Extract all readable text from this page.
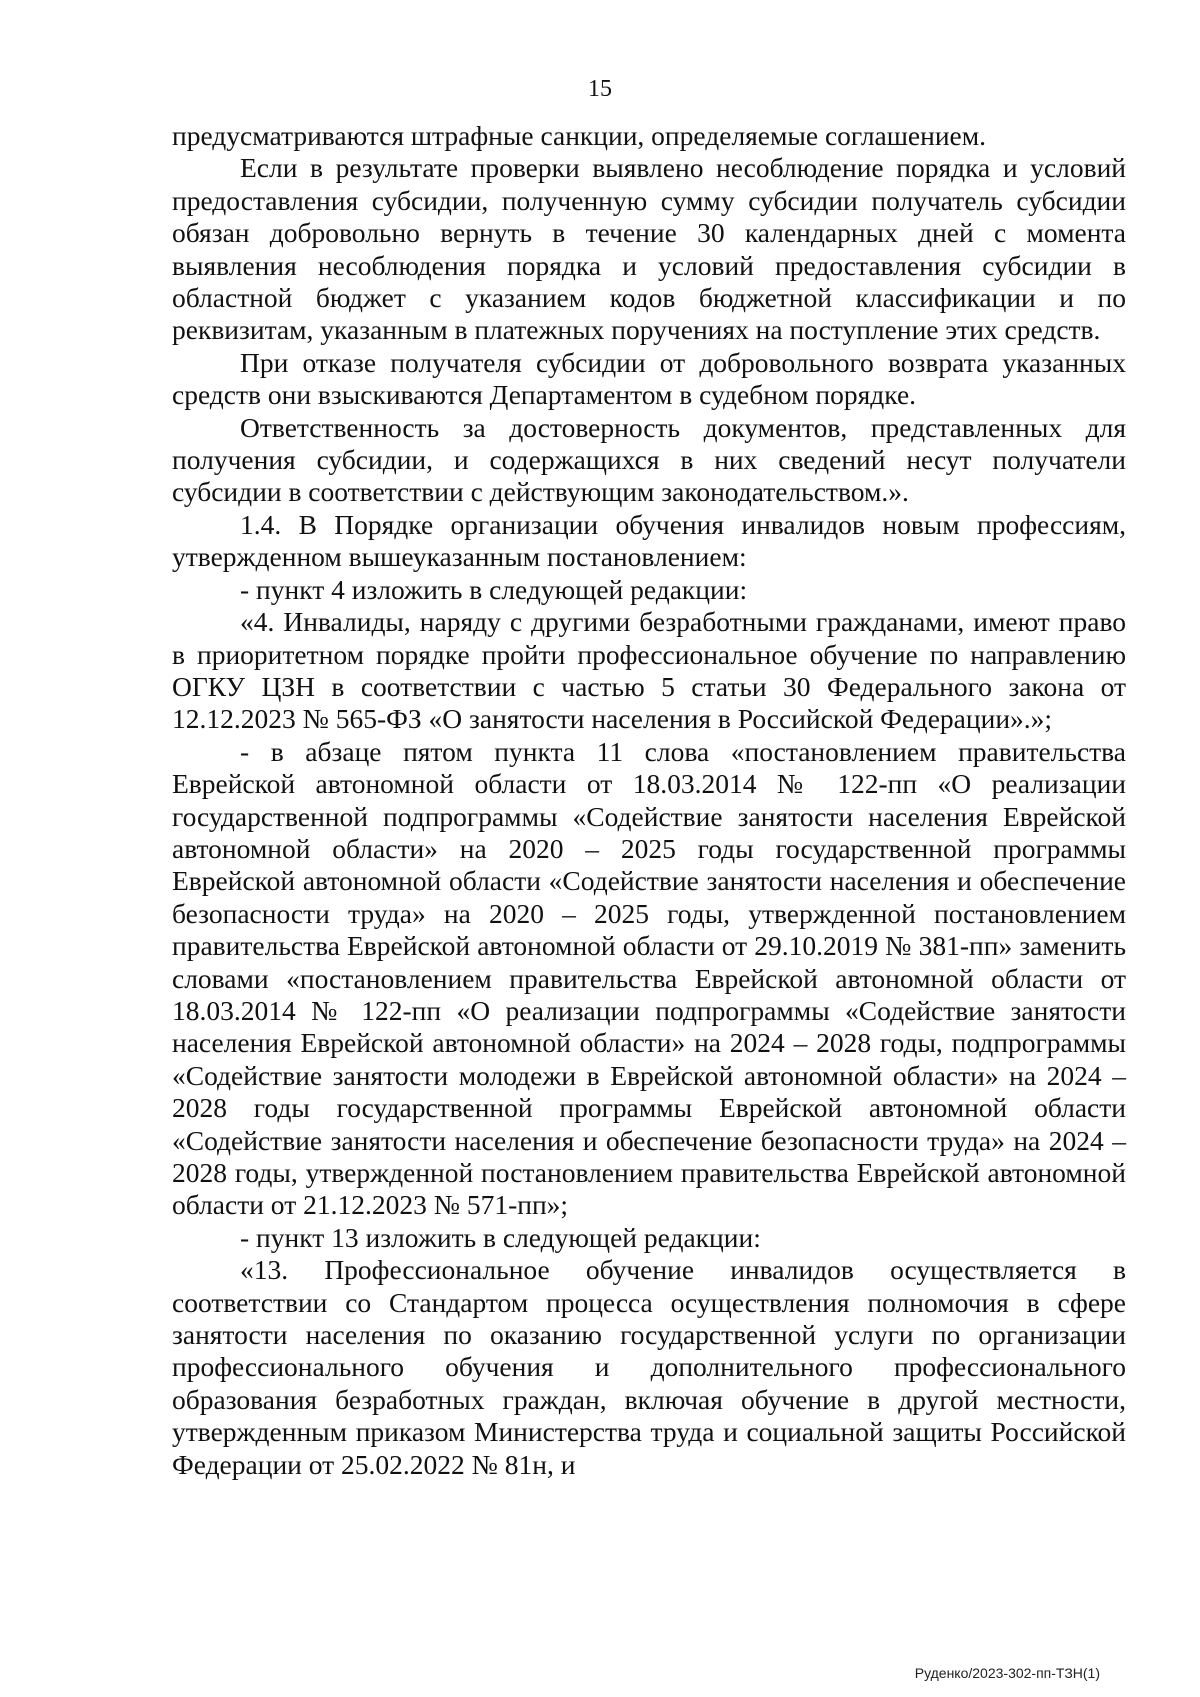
15

предусматриваются штрафные санкции, определяемые соглашением.

Если в результате проверки выявлено несоблюдение порядка и условий предоставления субсидии, полученную сумму субсидии получатель субсидии обязан добровольно вернуть в течение 30 календарных дней с момента выявления несоблюдения порядка и условий предоставления субсидии в областной бюджет с указанием кодов бюджетной классификации и по реквизитам, указанным в платежных поручениях на поступление этих средств.

При отказе получателя субсидии от добровольного возврата указанных средств они взыскиваются Департаментом в судебном порядке.

Ответственность за достоверность документов, представленных для получения субсидии, и содержащихся в них сведений несут получатели субсидии в соответствии с действующим законодательством.».

1.4. В Порядке организации обучения инвалидов новым профессиям, утвержденном вышеуказанным постановлением:

- пункт 4 изложить в следующей редакции:

«4. Инвалиды, наряду с другими безработными гражданами, имеют право в приоритетном порядке пройти профессиональное обучение по направлению ОГКУ ЦЗН в соответствии с частью 5 статьи 30 Федерального закона от 12.12.2023 № 565-ФЗ «О занятости населения в Российской Федерации».»;

- в абзаце пятом пункта 11 слова «постановлением правительства Еврейской автономной области от 18.03.2014 № 122-пп «О реализации государственной подпрограммы «Содействие занятости населения Еврейской автономной области» на 2020 – 2025 годы государственной программы Еврейской автономной области «Содействие занятости населения и обеспечение безопасности труда» на 2020 – 2025 годы, утвержденной постановлением правительства Еврейской автономной области от 29.10.2019 № 381-пп» заменить словами «постановлением правительства Еврейской автономной области от 18.03.2014 № 122-пп «О реализации подпрограммы «Содействие занятости населения Еврейской автономной области» на 2024 – 2028 годы, подпрограммы «Содействие занятости молодежи в Еврейской автономной области» на 2024 – 2028 годы государственной программы Еврейской автономной области «Содействие занятости населения и обеспечение безопасности труда» на 2024 – 2028 годы, утвержденной постановлением правительства Еврейской автономной области от 21.12.2023 № 571-пп»;

- пункт 13 изложить в следующей редакции:

«13. Профессиональное обучение инвалидов осуществляется в соответствии со Стандартом процесса осуществления полномочия в сфере занятости населения по оказанию государственной услуги по организации профессионального обучения и дополнительного профессионального образования безработных граждан, включая обучение в другой местности, утвержденным приказом Министерства труда и социальной защиты Российской Федерации от 25.02.2022 № 81н, и

Руденко/2023-302-пп-ТЗН(1)
